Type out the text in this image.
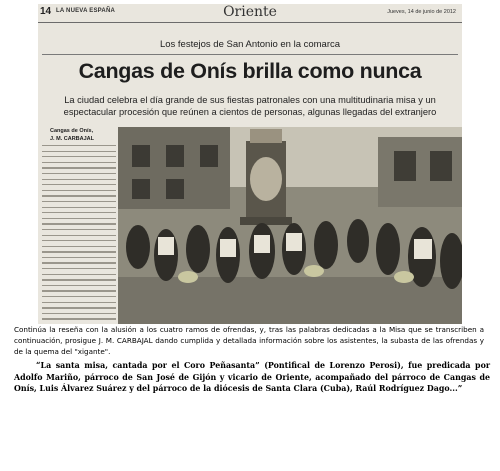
14 LA NUEVA ESPAÑA	Oriente	Jueves, 14 de junio de 2012
Los festejos de San Antonio en la comarca
Cangas de Onís brilla como nunca
La ciudad celebra el día grande de sus fiestas patronales con una multitudinaria misa y un espectacular procesión que reúnen a cientos de personas, algunas llegadas del extranjero
Cangas de Onís,
J. M. CARBAJAL
Continúa la reseña con la alusión a los cuatro ramos de ofrendas, y, tras las palabras dedicadas a la Misa que se transcriben a continuación, prosigue J. M. CARBAJAL dando cumplida y detallada información sobre los asistentes, la subasta de las ofrendas y de la quema del "xigante".
“La santa misa, cantada por el Coro Peñasanta” (Pontifical de Lorenzo Perosi), fue predicada por Adolfo Mariño, párroco de San José de Gijón y vicario de Oriente, acompañado del párroco de Cangas de Onís, Luis Álvarez Suárez y del párroco de la diócesis de Santa Clara (Cuba), Raúl Rodríguez Dago...”
